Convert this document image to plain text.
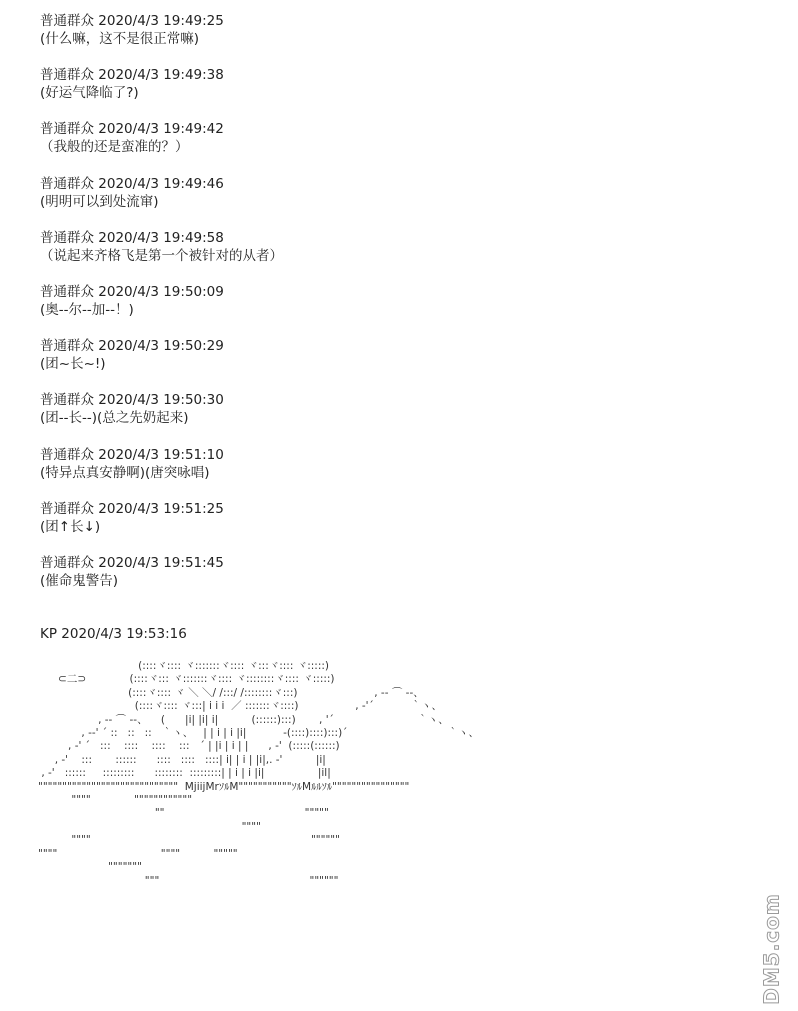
普通群众 2020/4/3 19:49:25

(什么嘛，这不是很正常嘛)

普通群众 2020/4/3 19:49:38

(好运气降临了?)

普通群众 2020/4/3 19:49:42

（我般的还是蛮准的？）

普通群众 2020/4/3 19:49:46

(明明可以到处流窜)

普通群众 2020/4/3 19:49:58

（说起来齐格飞是第一个被针对的从者）

普通群众 2020/4/3 19:50:09

(奥--尔--加--！)

普通群众 2020/4/3 19:50:29

(团~长~!)

普通群众 2020/4/3 19:50:30

(团--长--)(总之先奶起来)

普通群众 2020/4/3 19:51:10

(特异点真安静啊)(唐突咏唱)

普通群众 2020/4/3 19:51:25

(团↑长↓)

普通群众 2020/4/3 19:51:45

(催命鬼警告)

KP 2020/4/3 19:53:16
(::::ヾ:::: ヾ:::::::ヾ:::: ヾ:::ヾ:::: ヾ:::::)
⊂二⊃             (::::ヾ::: ヾ:::::::ヾ:::: ヾ::::::::ヾ:::: ヾ:::::)
(::::ヾ:::: ヾ ＼ ＼/ /:::/ /::::::::ヾ:::)                       , -‐ ⌒ ‐-、
(::::ヾ:::: ヾ:::| i i i  ／ :::::::ヾ::::)                 , -'´           ｀ヽ、
, -‐ ⌒ ‐-、    (      |i| |i| i|          (::::::):::)       , '´                         ｀ヽ、
, -‐' ´ ::   ::   ::   ｀ヽ、   | | i | i |i|           ‐(::::)::::):::)´                              ｀ヽ、
, -' ´   :::    ::::    ::::    :::   ´ | |i | i | |      , -'  (:::::(::::::)
, -'    :::       ::::::      ::::   ::::   ::::| i| | i | |i|,. -'          |i|
, -'   ::::::     :::::::::      ::::::::  :::::::::| | i | i |i|                |il|
"""""""""""""""""""""""""""""  MjiijMrｿﾙM"""""""""""ｿﾙMﾙﾙｿﾙ""""""""""""""""
""""             """"""""""""
""                                          """""
""""
""""                                                                  """"""
""""                               """"          """""
"""""""
"""                                             """"""
DM5.com
